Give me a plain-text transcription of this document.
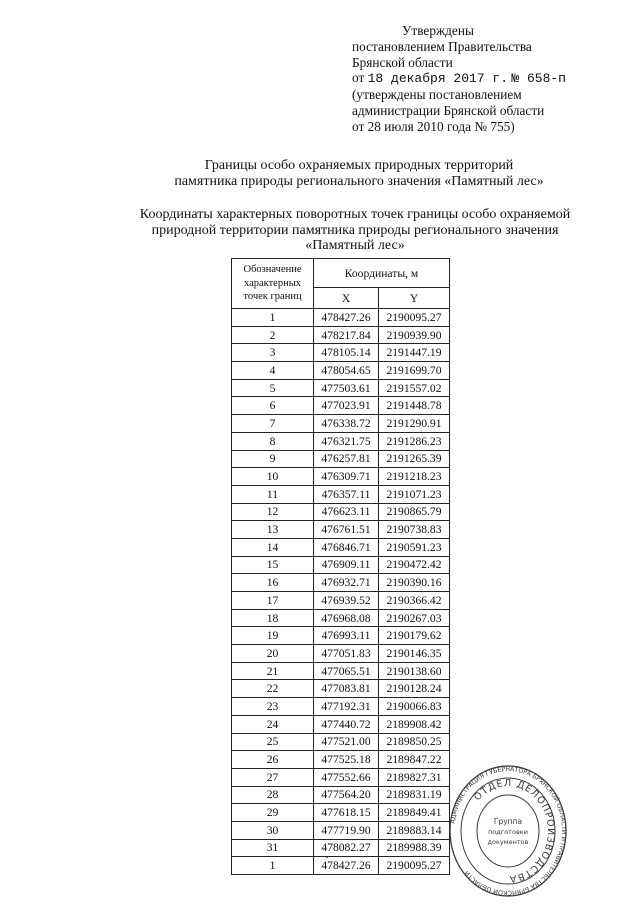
Утверждены
постановлением Правительства
Брянской области
от 18 декабря 2017 г. № 658-п
(утверждены постановлением
администрации Брянской области
от 28 июля 2010 года № 755)
Границы особо охраняемых природных территорий
памятника природы регионального значения «Памятный лес»
Координаты характерных поворотных точек границы особо охраняемой
природной территории памятника природы регионального значения
«Памятный лес»
Обозначение
характерных
точек границ	Координаты, м	
	X	Y
1	478427.26	2190095.27
2	478217.84	2190939.90
3	478105.14	2191447.19
4	478054.65	2191699.70
5	477503.61	2191557.02
6	477023.91	2191448.78
7	476338.72	2191290.91
8	476321.75	2191286.23
9	476257.81	2191265.39
10	476309.71	2191218.23
11	476357.11	2191071.23
12	476623.11	2190865.79
13	476761.51	2190738.83
14	476846.71	2190591.23
15	476909.11	2190472.42
16	476932.71	2190390.16
17	476939.52	2190366.42
18	476968.08	2190267.03
19	476993.11	2190179.62
20	477051.83	2190146.35
21	477065.51	2190138.60
22	477083.81	2190128.24
23	477192.31	2190066.83
24	477440.72	2189908.42
25	477521.00	2189850.25
26	477525.18	2189847.22
27	477552.66	2189827.31
28	477564.20	2189831.19
29	477618.15	2189849.41
30	477719.90	2189883.14
31	478082.27	2189988.39
1	478427.26	2190095.27
АДМИНИСТРАЦИЯ ГУБЕРНАТОРА БРЯНСКОЙ ОБЛАСТИ И ПРАВИТЕЛЬСТВА БРЯНСКОЙ ОБЛАСТИ
ОТДЕЛ ДЕЛОПРОИЗВОДСТВА
Группа
подготовки
документов
